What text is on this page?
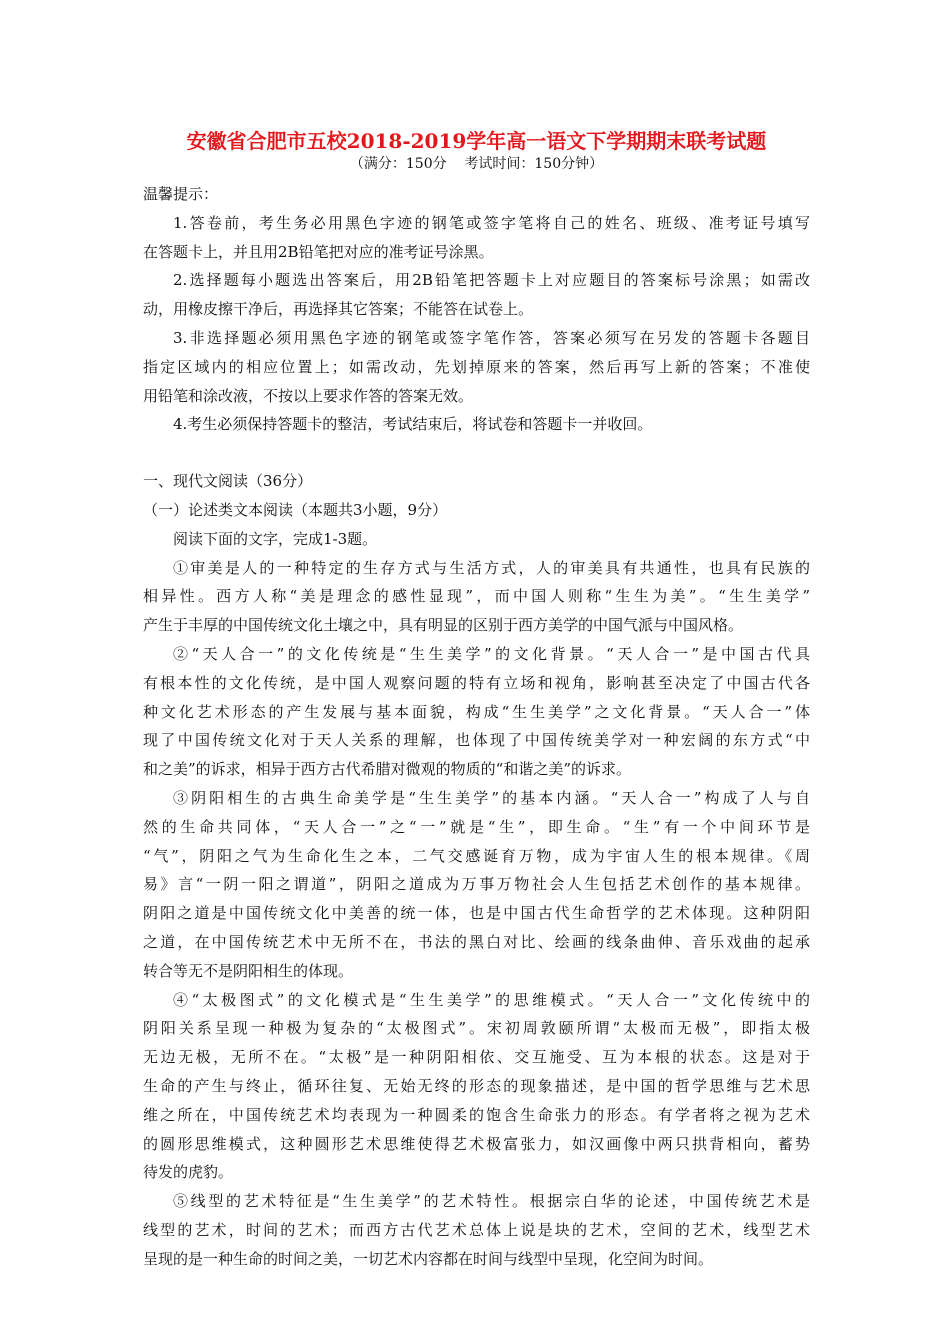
安徽省合肥市五校2018-2019学年高一语文下学期期末联考试题

（满分：150分    考试时间：150分钟）

温馨提示：

1.答卷前，考生务必用黑色字迹的钢笔或签字笔将自己的姓名、班级、准考证号填写

在答题卡上，并且用2B铅笔把对应的准考证号涂黑。

2.选择题每小题选出答案后，用2B铅笔把答题卡上对应题目的答案标号涂黑；如需改

动，用橡皮擦干净后，再选择其它答案；不能答在试卷上。

3.非选择题必须用黑色字迹的钢笔或签字笔作答，答案必须写在另发的答题卡各题目

指定区域内的相应位置上；如需改动，先划掉原来的答案，然后再写上新的答案；不准使

用铅笔和涂改液，不按以上要求作答的答案无效。

4.考生必须保持答题卡的整洁，考试结束后，将试卷和答题卡一并收回。

一、现代文阅读（36分）

（一）论述类文本阅读（本题共3小题，9分）

阅读下面的文字，完成1-3题。

①审美是人的一种特定的生存方式与生活方式，人的审美具有共通性，也具有民族的

相异性。西方人称“美是理念的感性显现”，而中国人则称“生生为美”。“生生美学”

产生于丰厚的中国传统文化土壤之中，具有明显的区别于西方美学的中国气派与中国风格。

②“天人合一”的文化传统是“生生美学”的文化背景。“天人合一”是中国古代具

有根本性的文化传统，是中国人观察问题的特有立场和视角，影响甚至决定了中国古代各

种文化艺术形态的产生发展与基本面貌，构成“生生美学”之文化背景。“天人合一”体

现了中国传统文化对于天人关系的理解，也体现了中国传统美学对一种宏阔的东方式“中

和之美”的诉求，相异于西方古代希腊对微观的物质的“和谐之美”的诉求。

③阴阳相生的古典生命美学是“生生美学”的基本内涵。“天人合一”构成了人与自

然的生命共同体，“天人合一”之“一”就是“生”，即生命。“生”有一个中间环节是

“气”，阴阳之气为生命化生之本，二气交感诞育万物，成为宇宙人生的根本规律。《周

易》言“一阴一阳之谓道”，阴阳之道成为万事万物社会人生包括艺术创作的基本规律。

阴阳之道是中国传统文化中美善的统一体，也是中国古代生命哲学的艺术体现。这种阴阳

之道，在中国传统艺术中无所不在，书法的黑白对比、绘画的线条曲伸、音乐戏曲的起承

转合等无不是阴阳相生的体现。

④“太极图式”的文化模式是“生生美学”的思维模式。“天人合一”文化传统中的

阴阳关系呈现一种极为复杂的“太极图式”。宋初周敦颐所谓“太极而无极”，即指太极

无边无极，无所不在。“太极”是一种阴阳相依、交互施受、互为本根的状态。这是对于

生命的产生与终止，循环往复、无始无终的形态的现象描述，是中国的哲学思维与艺术思

维之所在，中国传统艺术均表现为一种圆柔的饱含生命张力的形态。有学者将之视为艺术

的圆形思维模式，这种圆形艺术思维使得艺术极富张力，如汉画像中两只拱背相向，蓄势

待发的虎豹。

⑤线型的艺术特征是“生生美学”的艺术特性。根据宗白华的论述，中国传统艺术是

线型的艺术，时间的艺术；而西方古代艺术总体上说是块的艺术，空间的艺术，线型艺术

呈现的是一种生命的时间之美，一切艺术内容都在时间与线型中呈现，化空间为时间。
